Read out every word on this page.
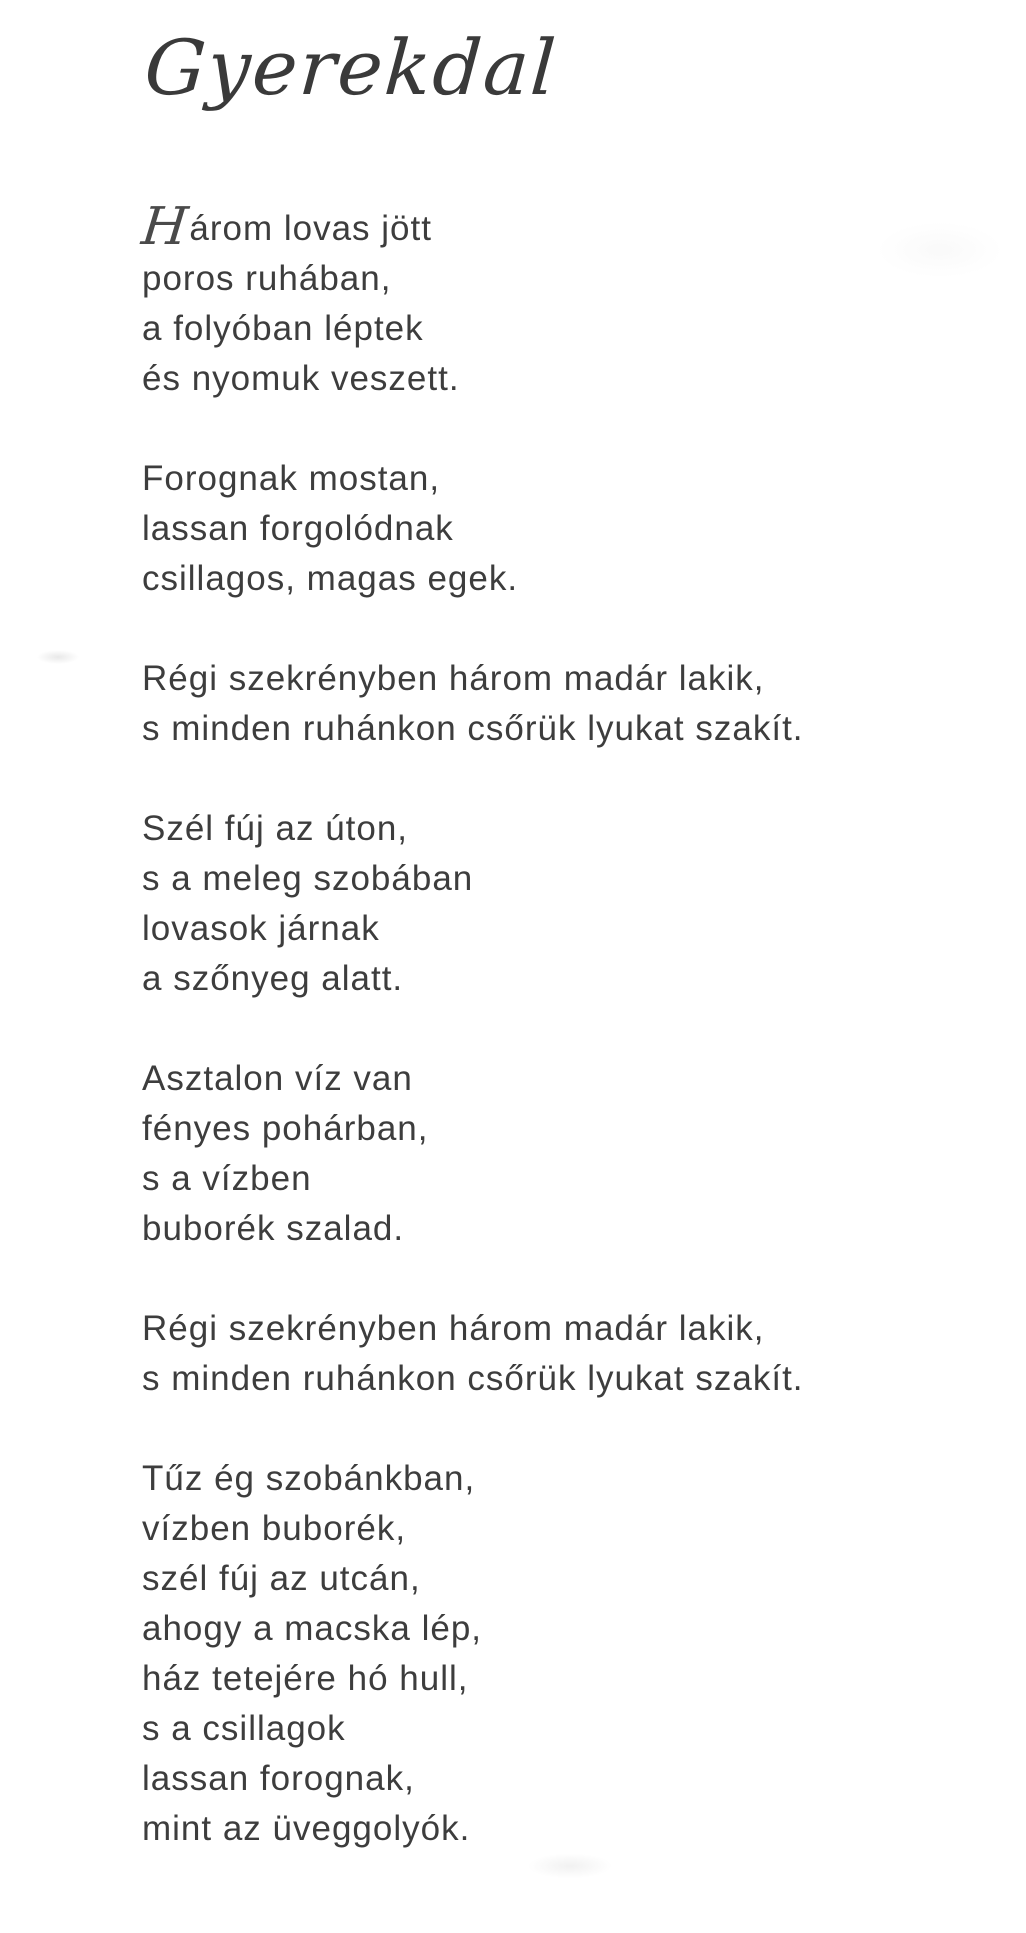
Gyerekdal

Három lovas jött
poros ruhában,
a folyóban léptek
és nyomuk veszett.

Forognak mostan,
lassan forgolódnak
csillagos, magas egek.

Régi szekrényben három madár lakik,
s minden ruhánkon csőrük lyukat szakít.

Szél fúj az úton,
s a meleg szobában
lovasok járnak
a szőnyeg alatt.

Asztalon víz van
fényes pohárban,
s a vízben
buborék szalad.

Régi szekrényben három madár lakik,
s minden ruhánkon csőrük lyukat szakít.

Tűz ég szobánkban,
vízben buborék,
szél fúj az utcán,
ahogy a macska lép,
ház tetejére hó hull,
s a csillagok
lassan forognak,
mint az üveggolyók.
